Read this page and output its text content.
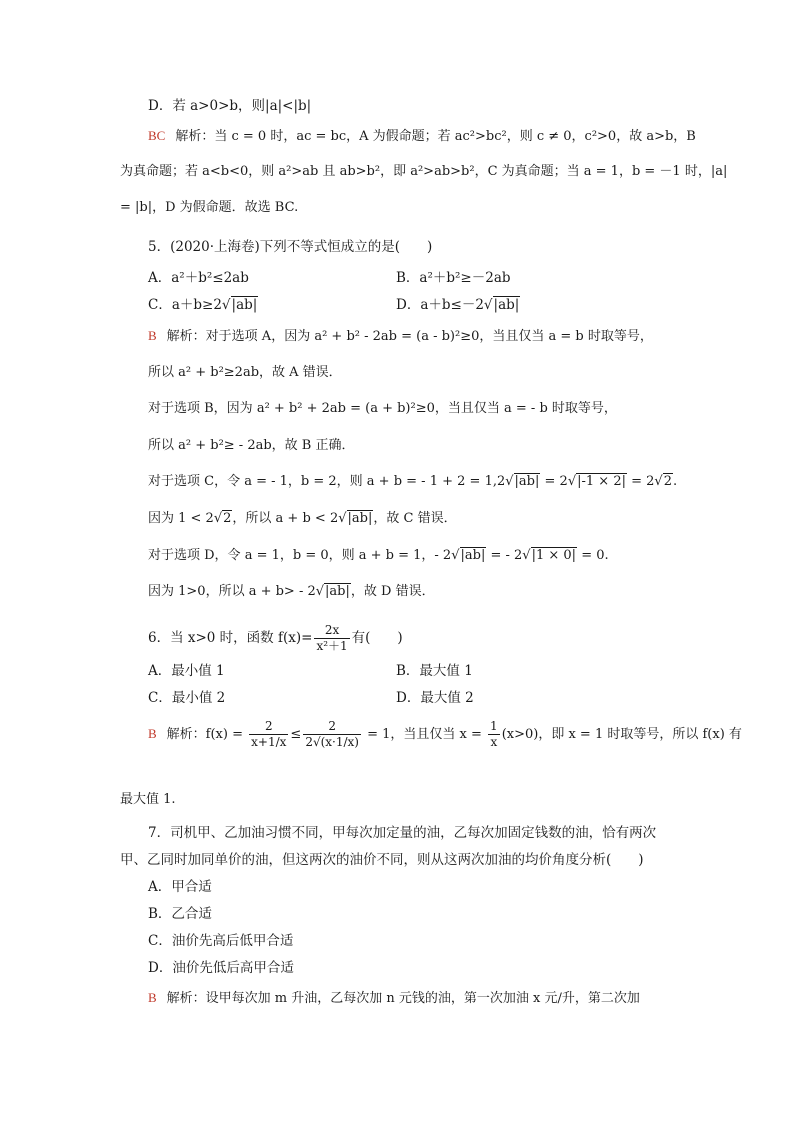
D．若 a>0>b，则|a|<|b|
BC 解析：当 c = 0 时，ac = bc，A 为假命题；若 ac²>bc²，则 c ≠ 0，c²>0，故 a>b，B
为真命题；若 a<b<0，则 a²>ab 且 ab>b²，即 a²>ab>b²，C 为真命题；当 a = 1，b = －1 时，|a|
= |b|，D 为假命题．故选 BC.
5．(2020·上海卷)下列不等式恒成立的是(　　)
A．a²＋b²≤2ab	B．a²＋b²≥－2ab
C．a＋b≥2√|ab|	D．a＋b≤－2√|ab|
B 解析：对于选项 A，因为 a² + b² - 2ab = (a - b)²≥0，当且仅当 a = b 时取等号，
所以 a² + b²≥2ab，故 A 错误．
对于选项 B，因为 a² + b² + 2ab = (a + b)²≥0，当且仅当 a = - b 时取等号，
所以 a² + b²≥ - 2ab，故 B 正确．
对于选项 C，令 a = - 1，b = 2，则 a + b = - 1 + 2 = 1,2√|ab| = 2√|-1 × 2| = 2√2.
因为 1 < 2√2，所以 a + b < 2√|ab|，故 C 错误．
对于选项 D，令 a = 1，b = 0，则 a + b = 1，- 2√|ab| = - 2√|1 × 0| = 0.
因为 1>0，所以 a + b> - 2√|ab|，故 D 错误．
6．当 x>0 时，函数 $f(x)= \frac{2x}{\text{x²＋1}}$ 有(　　)
A．最小值 1	B．最大值 1
C．最小值 2	D．最大值 2
B 解析：$f(x) = \frac{2}{x+1/x} \le \frac{2}{2√(x\cdot 1/x)} = 1$，当且仅当 $x = \frac{1}{x} (x>0)$，即 x = 1 时取等号，所以 f(x) 有
最大值 1.
7．司机甲、乙加油习惯不同，甲每次加定量的油，乙每次加固定钱数的油，恰有两次
甲、乙同时加同单价的油，但这两次的油价不同，则从这两次加油的均价角度分析(　　)
A．甲合适
B．乙合适
C．油价先高后低甲合适
D．油价先低后高甲合适
B 解析：设甲每次加 m 升油，乙每次加 n 元钱的油，第一次加油 x 元/升，第二次加
